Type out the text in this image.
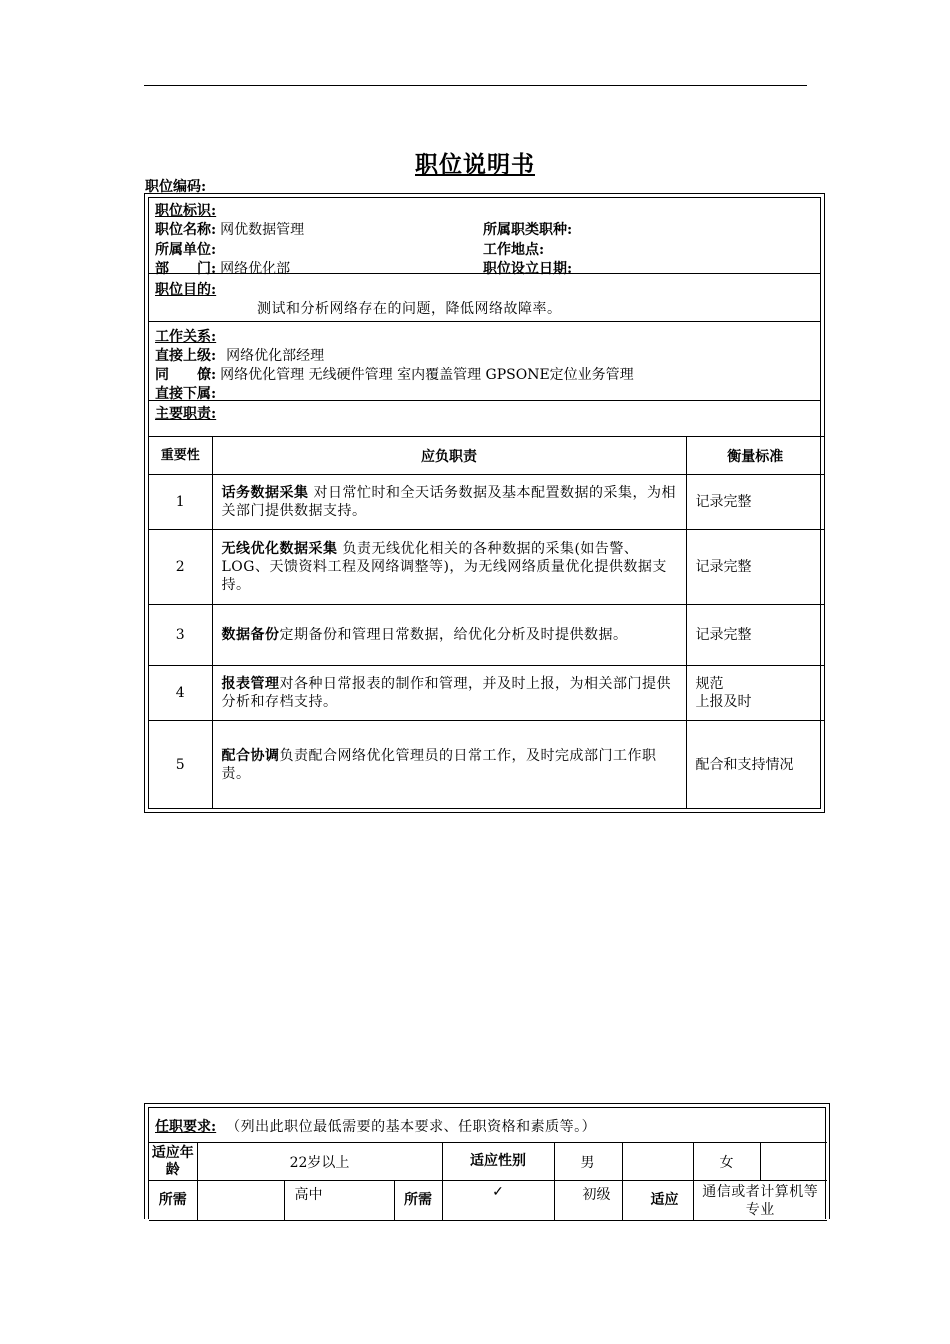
职位说明书
职位编码:
职位标识:　
职位名称: 网优数据管理	所属职类职种:
所属单位:	工作地点:
部　　门: 网络优化部	职位设立日期:
职位目的:　
测试和分析网络存在的问题，降低网络故障率。
工作关系:　
直接上级: 网络优化部经理
同　　僚: 网络优化管理 无线硬件管理 室内覆盖管理 GPSONE定位业务管理
直接下属:
主要职责:
重要性	应负职责	衡量标准
1	话务数据采集 对日常忙时和全天话务数据及基本配置数据的采集，为相关部门提供数据支持。	记录完整
2	无线优化数据采集 负责无线优化相关的各种数据的采集(如告警、LOG、天馈资料工程及网络调整等)，为无线网络质量优化提供数据支持。	记录完整
3	数据备份定期备份和管理日常数据，给优化分析及时提供数据。	记录完整
4	报表管理对各种日常报表的制作和管理，并及时上报，为相关部门提供分析和存档支持。	规范
上报及时

5	配合协调负责配合网络优化管理员的日常工作，及时完成部门工作职责。	配合和支持情况
任职要求: （列出此职位最低需要的基本要求、任职资格和素质等。）
适应年龄	22岁以上			适应性别	男		女	
所需		高中	所需	✓	初级	适应	通信或者计算机等专业	
